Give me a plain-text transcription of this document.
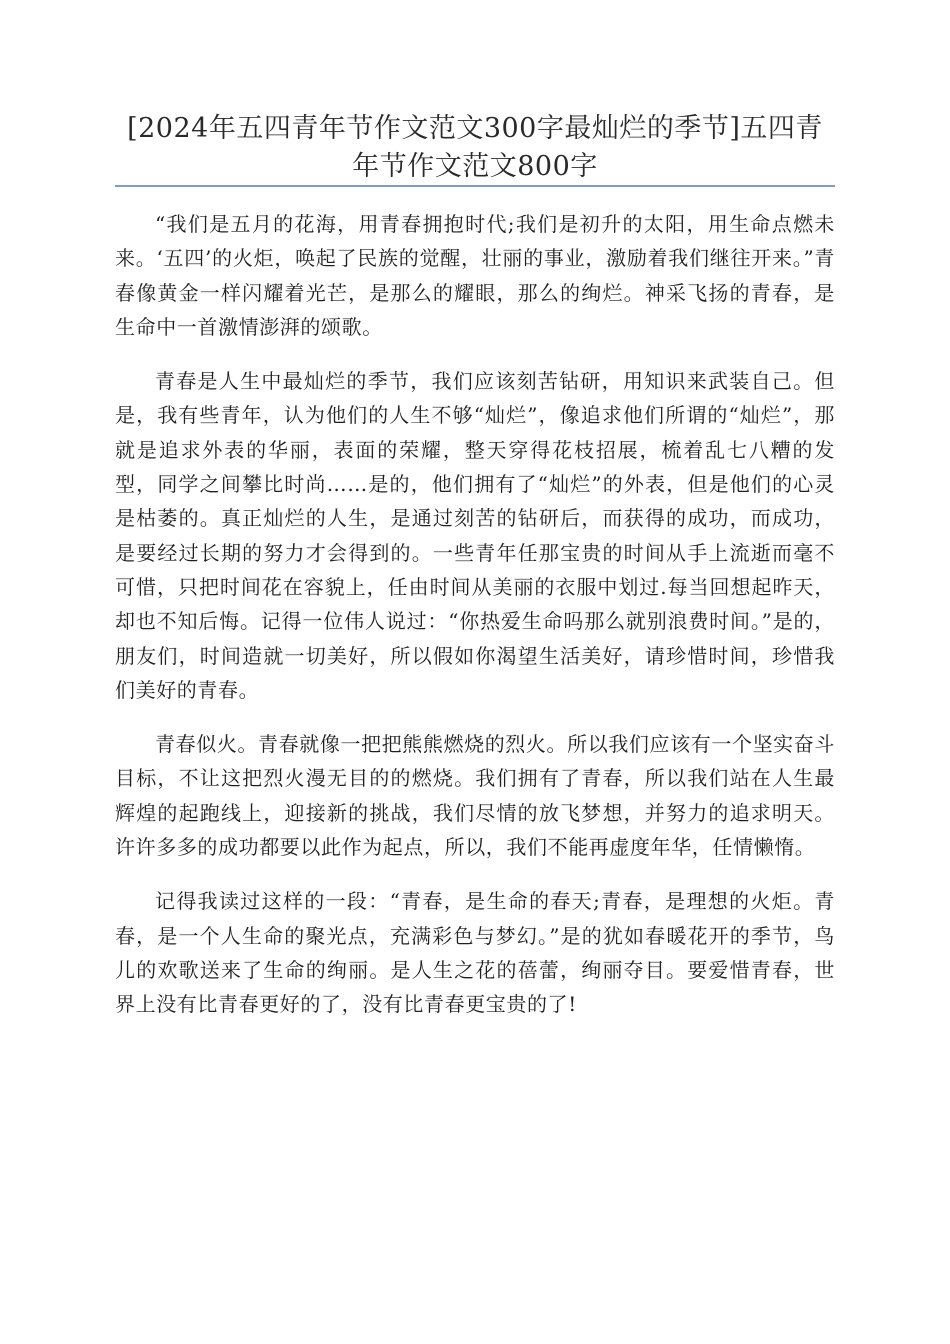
[2024年五四青年节作文范文300字最灿烂的季节]五四青年节作文范文800字

“我们是五月的花海，用青春拥抱时代;我们是初升的太阳，用生命点燃未来。‘五四’的火炬，唤起了民族的觉醒，壮丽的事业，激励着我们继往开来。”青春像黄金一样闪耀着光芒，是那么的耀眼，那么的绚烂。神采飞扬的青春，是生命中一首激情澎湃的颂歌。

青春是人生中最灿烂的季节，我们应该刻苦钻研，用知识来武装自己。但是，我有些青年，认为他们的人生不够“灿烂”，像追求他们所谓的“灿烂”，那就是追求外表的华丽，表面的荣耀，整天穿得花枝招展，梳着乱七八糟的发型，同学之间攀比时尚……是的，他们拥有了“灿烂”的外表，但是他们的心灵是枯萎的。真正灿烂的人生，是通过刻苦的钻研后，而获得的成功，而成功，是要经过长期的努力才会得到的。一些青年任那宝贵的时间从手上流逝而毫不可惜，只把时间花在容貌上，任由时间从美丽的衣服中划过.每当回想起昨天，却也不知后悔。记得一位伟人说过：“你热爱生命吗那么就别浪费时间。”是的，朋友们，时间造就一切美好，所以假如你渴望生活美好，请珍惜时间，珍惜我们美好的青春。

青春似火。青春就像一把把熊熊燃烧的烈火。所以我们应该有一个坚实奋斗目标，不让这把烈火漫无目的的燃烧。我们拥有了青春，所以我们站在人生最辉煌的起跑线上，迎接新的挑战，我们尽情的放飞梦想，并努力的追求明天。许许多多的成功都要以此作为起点，所以，我们不能再虚度年华，任情懒惰。

记得我读过这样的一段：“青春，是生命的春天;青春，是理想的火炬。青春，是一个人生命的聚光点，充满彩色与梦幻。”是的犹如春暖花开的季节，鸟儿的欢歌送来了生命的绚丽。是人生之花的蓓蕾，绚丽夺目。要爱惜青春，世界上没有比青春更好的了，没有比青春更宝贵的了!
